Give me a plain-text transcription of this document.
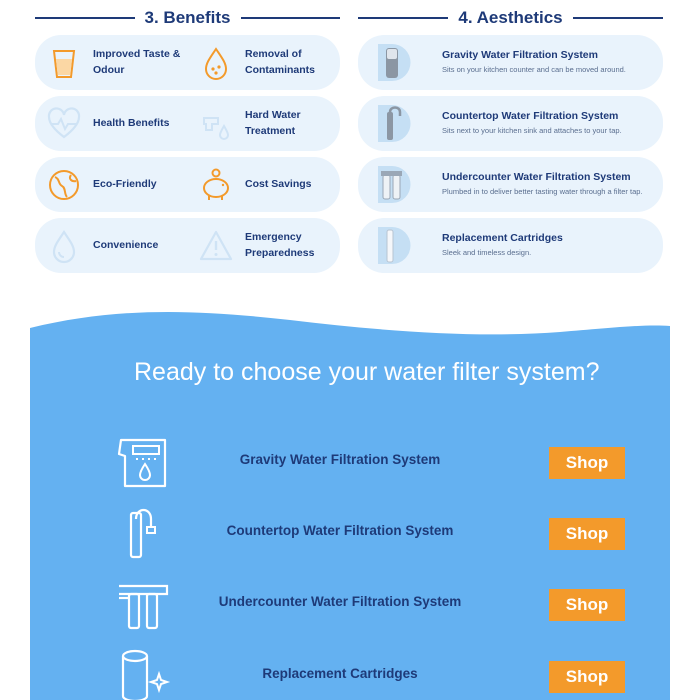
3. Benefits	4. Aesthetics
Improved Taste & Odour
Removal of Contaminants
Health Benefits
Hard Water Treatment
Eco-Friendly	Cost Savings
Convenience
Emergency Preparedness
Gravity Water Filtration System
Sits on your kitchen counter and can be moved around.
Countertop Water Filtration System
Sits next to your kitchen sink and attaches to your tap.
Undercounter Water Filtration System
Plumbed in to deliver better tasting water through a filter tap.
Replacement Cartridges
Sleek and timeless design.
Ready to choose your water filter system?
Gravity Water Filtration System	Shop
Countertop Water Filtration System	Shop
Undercounter Water Filtration System	Shop
Replacement Cartridges	Shop
